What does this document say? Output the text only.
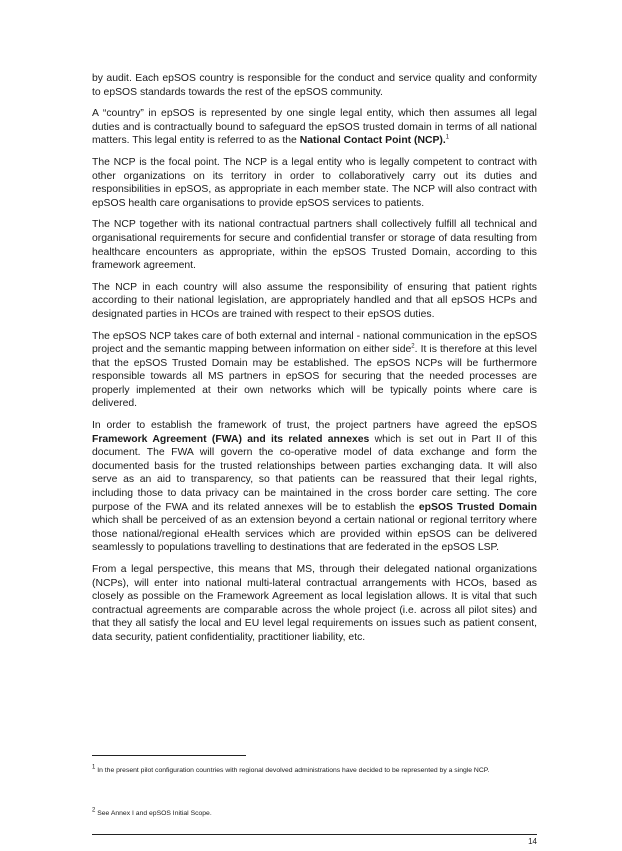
by audit. Each epSOS country is responsible for the conduct and service quality and conformity to epSOS standards towards the rest of the epSOS community.

A “country” in epSOS is represented by one single legal entity, which then assumes all legal duties and is contractually bound to safeguard the epSOS trusted domain in terms of all national matters. This legal entity is referred to as the National Contact Point (NCP).$^1$

The NCP is the focal point. The NCP is a legal entity who is legally competent to contract with other organizations on its territory in order to collaboratively carry out its duties and responsibilities in epSOS, as appropriate in each member state. The NCP will also contract with epSOS health care organisations to provide epSOS services to patients.

The NCP together with its national contractual partners shall collectively fulfill all technical and organisational requirements for secure and confidential transfer or storage of data resulting from healthcare encounters as appropriate, within the epSOS Trusted Domain, according to this framework agreement.

The NCP in each country will also assume the responsibility of ensuring that patient rights according to their national legislation, are appropriately handled and that all epSOS HCPs and designated parties in HCOs are trained with respect to their epSOS duties.

The epSOS NCP takes care of both external and internal - national communication in the epSOS project and the semantic mapping between information on either side$^2$. It is therefore at this level that the epSOS Trusted Domain may be established. The epSOS NCPs will be furthermore responsible towards all MS partners in epSOS for securing that the needed processes are properly implemented at their own networks which will be typically points where care is delivered.

In order to establish the framework of trust, the project partners have agreed the epSOS Framework Agreement (FWA) and its related annexes which is set out in Part II of this document. The FWA will govern the co-operative model of data exchange and form the documented basis for the trusted relationships between parties exchanging data. It will also serve as an aid to transparency, so that patients can be reassured that their legal rights, including those to data privacy can be maintained in the cross border care setting. The core purpose of the FWA and its related annexes will be to establish the epSOS Trusted Domain which shall be perceived of as an extension beyond a certain national or regional territory where those national/regional eHealth services which are provided within epSOS can be delivered seamlessly to populations travelling to destinations that are federated in the epSOS LSP.

From a legal perspective, this means that MS, through their delegated national organizations (NCPs), will enter into national multi-lateral contractual arrangements with HCOs, based as closely as possible on the Framework Agreement as local legislation allows. It is vital that such contractual agreements are comparable across the whole project (i.e. across all pilot sites) and that they all satisfy the local and EU level legal requirements on issues such as patient consent, data security, patient confidentiality, practitioner liability, etc.

$^1$ In the present pilot configuration countries with regional devolved administrations have decided to be represented by a single NCP.

$^2$ See Annex I and epSOS Initial Scope.

14
